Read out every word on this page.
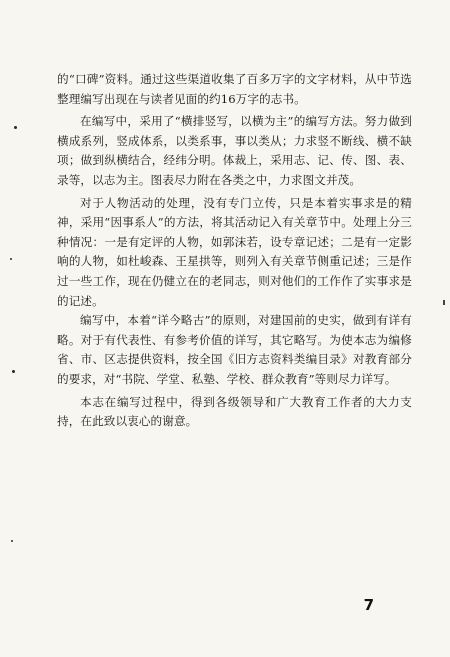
的“口碑”资料。通过这些渠道收集了百多万字的文字材料，从中节选整理编写出现在与读者见面的约16万字的志书。

在编写中，采用了“横排竖写，以横为主”的编写方法。努力做到横成系列，竖成体系，以类系事，事以类从；力求竖不断线、横不缺项；做到纵横结合，经纬分明。体裁上，采用志、记、传、图、表、录等，以志为主。图表尽力附在各类之中，力求图文并茂。

对于人物活动的处理，没有专门立传，只是本着实事求是的精神，采用“因事系人”的方法，将其活动记入有关章节中。处理上分三种情况：一是有定评的人物，如郭沫若，设专章记述；二是有一定影响的人物，如杜峻森、王星拱等，则列入有关章节侧重记述；三是作过一些工作，现在仍健立在的老同志，则对他们的工作作了实事求是的记述。

编写中，本着“详今略古”的原则，对建国前的史实，做到有详有略。对于有代表性、有参考价值的详写，其它略写。为使本志为编修省、市、区志提供资料，按全国《旧方志资料类编目录》对教育部分的要求，对“书院、学堂、私塾、学校、群众教育”等则尽力详写。

本志在编写过程中，得到各级领导和广大教育工作者的大力支持，在此致以衷心的谢意。

7
